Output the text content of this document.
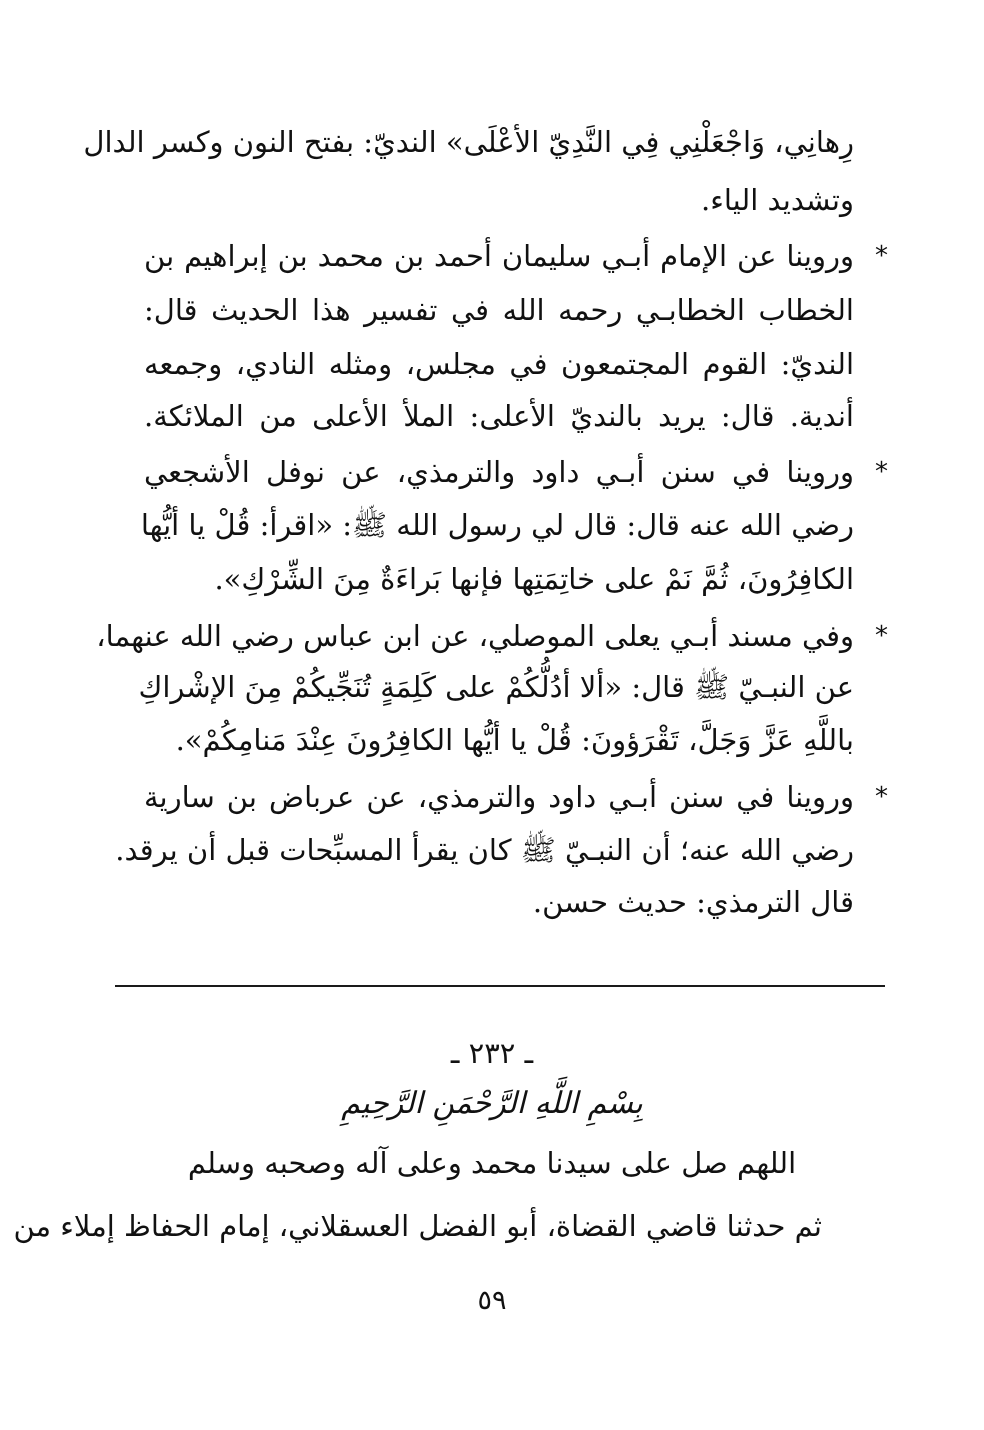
رِهانِي، وَاجْعَلْنِي فِي النَّدِيّ الأعْلَى» النديّ: بفتح النون وكسر الدال
وتشديد الياء.
*
وروينا عن الإمام أبـي سليمان أحمد بن محمد بن إبراهيم بن
الخطاب الخطابـي رحمه الله في تفسير هذا الحديث قال:
النديّ: القوم المجتمعون في مجلس، ومثله النادي، وجمعه
أندية. قال: يريد بالنديّ الأعلى: الملأ الأعلى من الملائكة.
*
وروينا في سنن أبـي داود والترمذي، عن نوفل الأشجعي
رضي الله عنه قال: قال لي رسول الله ﷺ: «اقرأ: قُلْ يا أيُّها
الكافِرُونَ، ثُمَّ نَمْ على خاتِمَتِها فإنها بَراءَةٌ مِنَ الشِّرْكِ».
*
وفي مسند أبـي يعلى الموصلي، عن ابن عباس رضي الله عنهما،
عن النبـيّ ﷺ قال: «ألا أدُلُّكُمْ على كَلِمَةٍ تُنَجِّيكُمْ مِنَ الإشْراكِ
باللَّهِ عَزَّ وَجَلَّ، تَقْرَؤونَ: قُلْ يا أيُّها الكافِرُونَ عِنْدَ مَنامِكُمْ».
*
وروينا في سنن أبـي داود والترمذي، عن عرباض بن سارية
رضي الله عنه؛ أن النبـيّ ﷺ كان يقرأ المسبِّحات قبل أن يرقد.
قال الترمذي: حديث حسن.
ـ ٢٣٢ ـ
بِسْمِ اللَّهِ الرَّحْمَنِ الرَّحِيمِ
اللهم صل على سيدنا محمد وعلى آله وصحبه وسلم
ثم حدثنا قاضي القضاة، أبو الفضل العسقلاني، إمام الحفاظ إملاء من
٥٩
